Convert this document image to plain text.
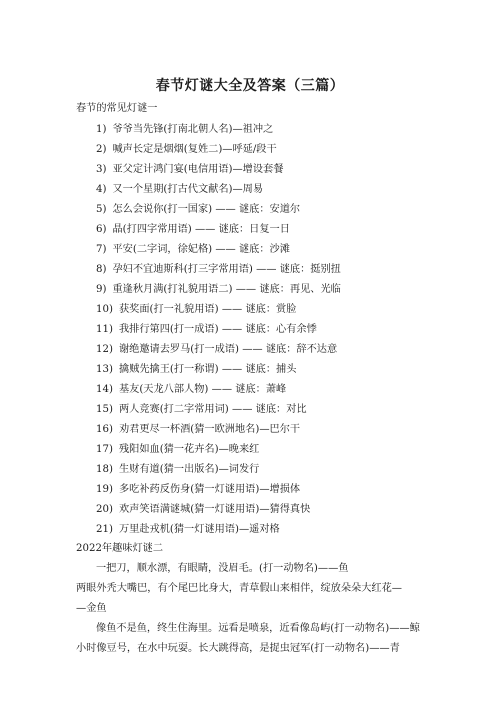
春节灯谜大全及答案（三篇）
春节的常见灯谜一
1) 爷爷当先锋(打南北朝人名)—祖冲之
2) 喊声长定是烟烟(复姓二)—呼延/段干
3) 亚父定计鸿门宴(电信用语)—增设套餐
4) 又一个星期(打古代文献名)—周易
5) 怎么会说你(打一国家) —— 谜底：安道尔
6) 晶(打四字常用语) —— 谜底：日复一日
7) 平安(二字词，徐妃格) —— 谜底：沙滩
8) 孕妇不宜迪斯科(打三字常用语) —— 谜底：挺别扭
9) 重逢秋月满(打礼貌用语二) —— 谜底：再见、光临
10) 获奖面(打一礼貌用语) —— 谜底：赏脸
11) 我排行第四(打一成语) —— 谜底：心有余悸
12) 谢绝邀请去罗马(打一成语) —— 谜底：辞不达意
13) 擒贼先擒王(打一称谓) —— 谜底：捕头
14) 基友(天龙八部人物) —— 谜底：萧峰
15) 两人竞赛(打二字常用词) —— 谜底：对比
16) 劝君更尽一杯酒(猜一欧洲地名)—巴尔干
17) 残阳如血(猜一花卉名)—晚来红
18) 生财有道(猜一出版名)—词发行
19) 多吃补药反伤身(猜一灯谜用语)—增损体
20) 欢声笑语满谜城(猜一灯谜用语)—猜得真快
21) 万里赴戎机(猜一灯谜用语)—遥对格
2022年趣味灯谜二
一把刀，顺水漂，有眼睛，没眉毛。(打一动物名)——鱼
两眼外秃大嘴巴，有个尾巴比身大，青草假山来相伴，绽放朵朵大红花—
—金鱼
像鱼不是鱼，终生住海里。远看是喷泉，近看像岛屿(打一动物名)——鲸
小时像豆号，在水中玩耍。长大跳得高，是捉虫冠军(打一动物名)——青
